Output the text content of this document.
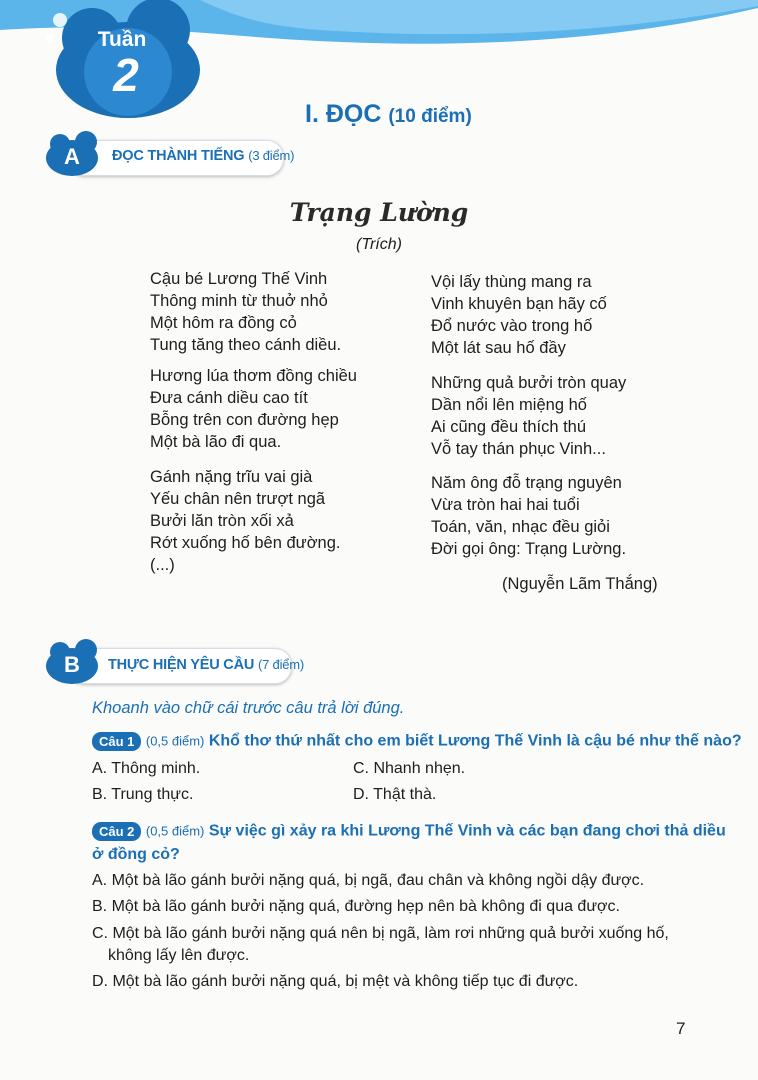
Tuần
2
I. ĐỌC (10 điểm)
A	ĐỌC THÀNH TIẾNG (3 điểm)
Trạng Lường
(Trích)
Cậu bé Lương Thế Vinh
Thông minh từ thuở nhỏ
Một hôm ra đồng cỏ
Tung tăng theo cánh diều.
Hương lúa thơm đồng chiều
Đưa cánh diều cao tít
Bỗng trên con đường hẹp
Một bà lão đi qua.
Gánh nặng trĩu vai già
Yếu chân nên trượt ngã
Bưởi lăn tròn xối xả
Rớt xuống hố bên đường.
(...)
Vội lấy thùng mang ra
Vinh khuyên bạn hãy cố
Đổ nước vào trong hố
Một lát sau hố đầy
Những quả bưởi tròn quay
Dần nổi lên miệng hố
Ai cũng đều thích thú
Vỗ tay thán phục Vinh...
Năm ông đỗ trạng nguyên
Vừa tròn hai hai tuổi
Toán, văn, nhạc đều giỏi
Đời gọi ông: Trạng Lường.
(Nguyễn Lãm Thắng)
B	THỰC HIỆN YÊU CẦU (7 điểm)
Khoanh vào chữ cái trước câu trả lời đúng.
Câu 1 (0,5 điểm) Khổ thơ thứ nhất cho em biết Lương Thế Vinh là cậu bé như thế nào?
A. Thông minh.
B. Trung thực.
C. Nhanh nhẹn.
D. Thật thà.
Câu 2 (0,5 điểm) Sự việc gì xảy ra khi Lương Thế Vinh và các bạn đang chơi thả diều
ở đồng cỏ?
A. Một bà lão gánh bưởi nặng quá, bị ngã, đau chân và không ngồi dậy được.
B. Một bà lão gánh bưởi nặng quá, đường hẹp nên bà không đi qua được.
C. Một bà lão gánh bưởi nặng quá nên bị ngã, làm rơi những quả bưởi xuống hố,
không lấy lên được.
D. Một bà lão gánh bưởi nặng quá, bị mệt và không tiếp tục đi được.
7
